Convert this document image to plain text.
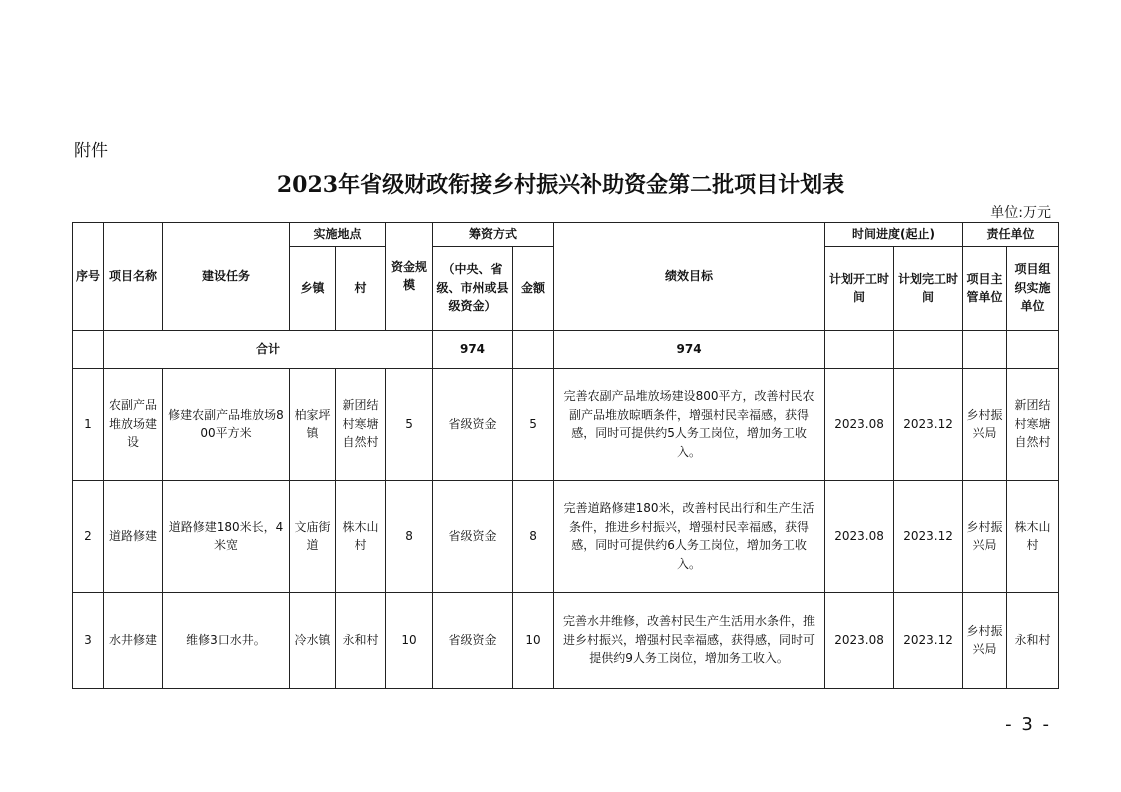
附件
2023年省级财政衔接乡村振兴补助资金第二批项目计划表
单位:万元
序号	项目名称	建设任务	实施地点		资金规模	筹资方式		绩效目标	时间进度(起止)		责任单位		
			乡镇	村		（中央、省级、市州或县级资金）	金额		计划开工时间	计划完工时间	项目主管单位	项目组织实施单位	
	合计					974		974					
1	农副产品堆放场建设	修建农副产品堆放场800平方米	柏家坪镇	新团结村寒塘自然村	5	省级资金	5	完善农副产品堆放场建设800平方，改善村民农副产品堆放晾晒条件，增强村民幸福感，获得感，同时可提供约5人务工岗位，增加务工收入。	2023.08	2023.12	乡村振兴局	新团结村寒塘自然村	
2	道路修建	道路修建180米长，4米宽	文庙街道	株木山村	8	省级资金	8	完善道路修建180米，改善村民出行和生产生活条件，推进乡村振兴，增强村民幸福感，获得感，同时可提供约6人务工岗位，增加务工收入。	2023.08	2023.12	乡村振兴局	株木山村	
3	水井修建	维修3口水井。	冷水镇	永和村	10	省级资金	10	完善水井维修，改善村民生产生活用水条件，推进乡村振兴，增强村民幸福感，获得感，同时可提供约9人务工岗位，增加务工收入。	2023.08	2023.12	乡村振兴局	永和村	
- 3 -
